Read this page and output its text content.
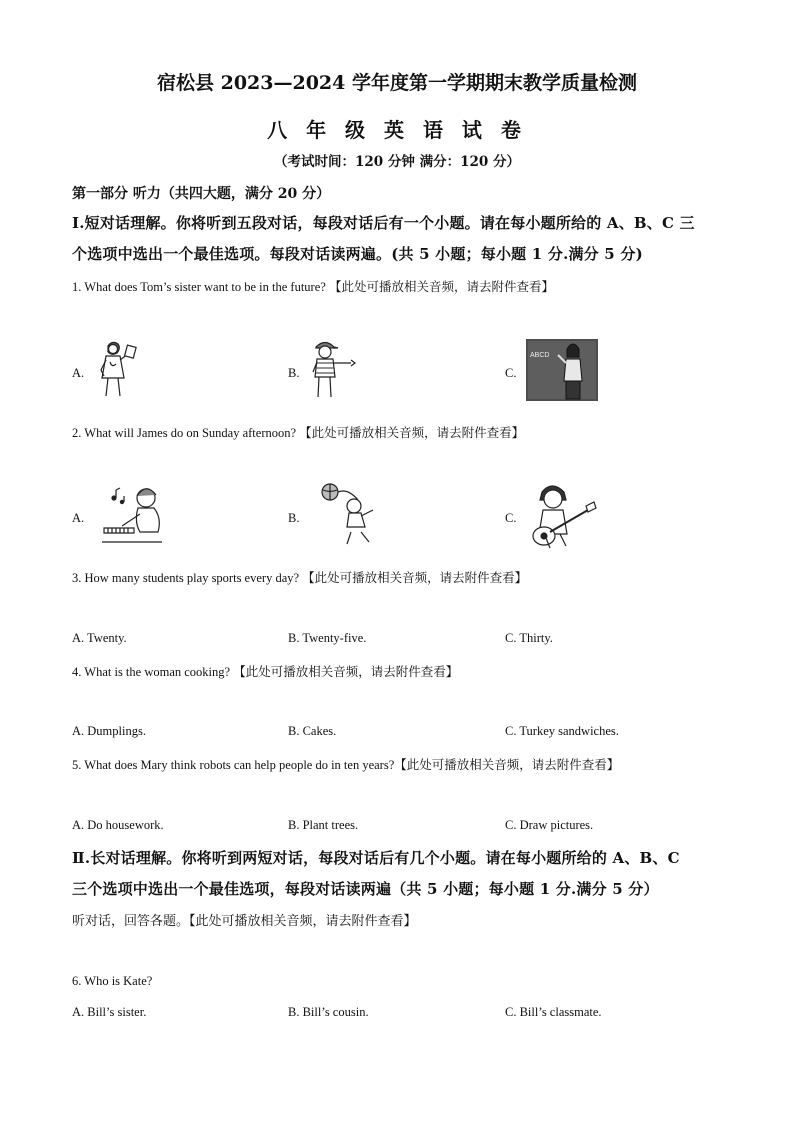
宿松县 2023—2024 学年度第一学期期末教学质量检测
八 年 级 英 语 试 卷
（考试时间：120 分钟 满分：120 分）
第一部分 听力（共四大题，满分 20 分）
I.短对话理解。你将听到五段对话，每段对话后有一个小题。请在每小题所给的 A、B、C 三
个选项中选出一个最佳选项。每段对话读两遍。(共 5 小题；每小题 1 分.满分 5 分)
1. What does Tom’s sister want to be in the future? 【此处可播放相关音频，请去附件查看】
A.	B.	C.
ABCD
2. What will James do on Sunday afternoon? 【此处可播放相关音频，请去附件查看】
A.	B.	C.
3. How many students play sports every day? 【此处可播放相关音频，请去附件查看】
A. Twenty.	B. Twenty-five.	C. Thirty.
4. What is the woman cooking? 【此处可播放相关音频，请去附件查看】
A. Dumplings.	B. Cakes.	C. Turkey sandwiches.
5. What does Mary think robots can help people do in ten years?【此处可播放相关音频，请去附件查看】
A. Do housework.	B. Plant trees.	C. Draw pictures.
Ⅱ.长对话理解。你将听到两短对话，每段对话后有几个小题。请在每小题所给的 A、B、C
三个选项中选出一个最佳选项，每段对话读两遍（共 5 小题；每小题 1 分.满分 5 分）
听对话，回答各题。【此处可播放相关音频，请去附件查看】
6. Who is Kate?
A. Bill’s sister.	B. Bill’s cousin.	C. Bill’s classmate.
